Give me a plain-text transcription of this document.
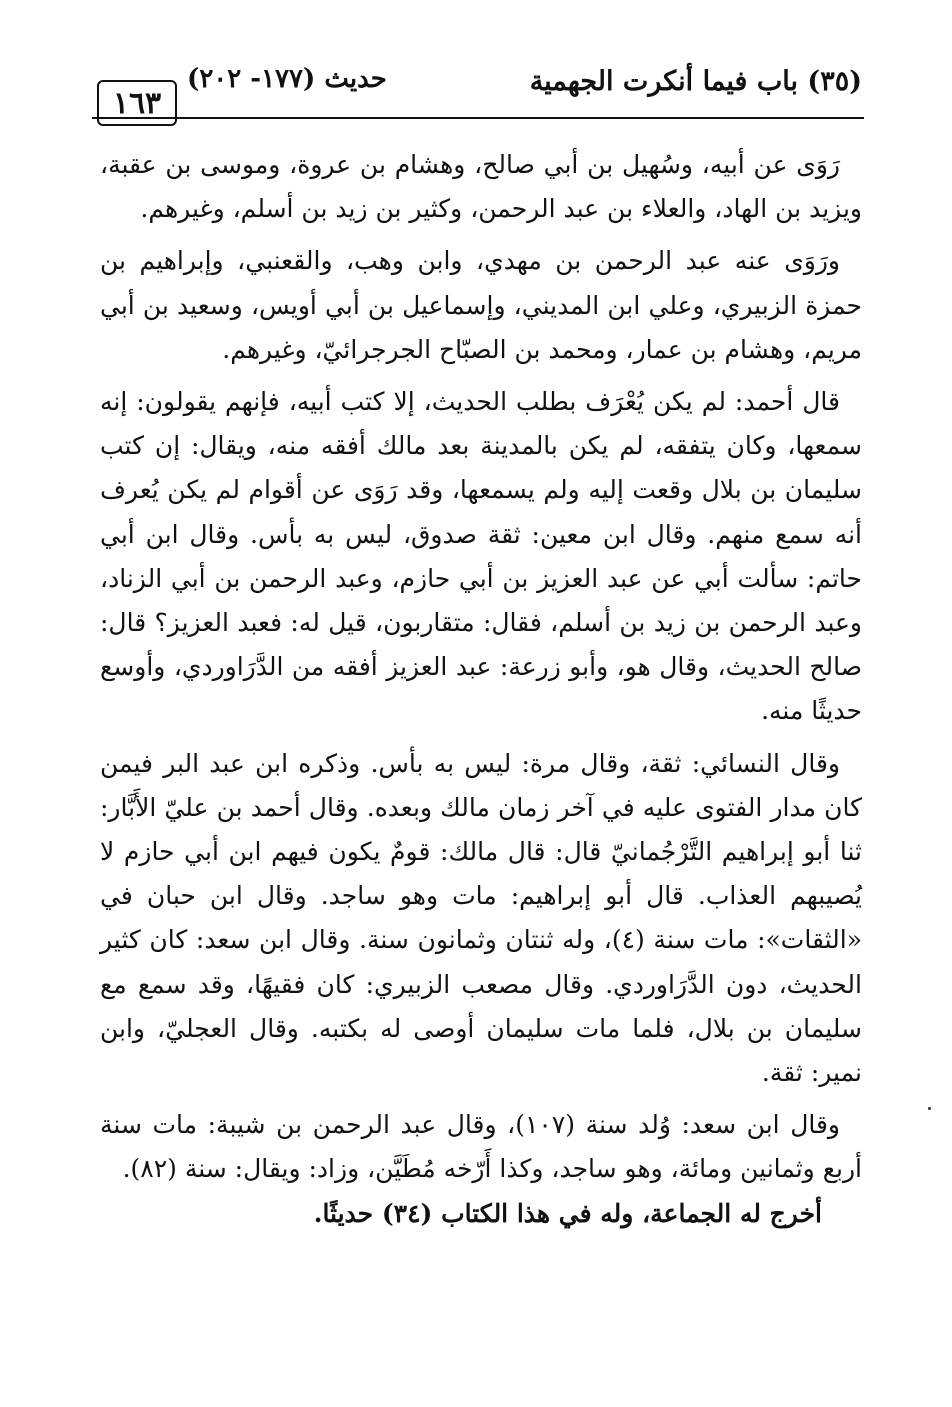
(٣٥) باب فيما أنكرت الجهمية
حديث (١٧٧- ٢٠٢)
١٦٣

رَوَى عن أبيه، وسُهيل بن أبي صالح، وهشام بن عروة، وموسى بن عقبة، ويزيد بن الهاد، والعلاء بن عبد الرحمن، وكثير بن زيد بن أسلم، وغيرهم.

ورَوَى عنه عبد الرحمن بن مهدي، وابن وهب، والقعنبي، وإبراهيم بن حمزة الزبيري، وعلي ابن المديني، وإسماعيل بن أبي أويس، وسعيد بن أبي مريم، وهشام بن عمار، ومحمد بن الصبّاح الجرجرائيّ، وغيرهم.

قال أحمد: لم يكن يُعْرَف بطلب الحديث، إلا كتب أبيه، فإنهم يقولون: إنه سمعها، وكان يتفقه، لم يكن بالمدينة بعد مالك أفقه منه، ويقال: إن كتب سليمان بن بلال وقعت إليه ولم يسمعها، وقد رَوَى عن أقوام لم يكن يُعرف أنه سمع منهم. وقال ابن معين: ثقة صدوق، ليس به بأس. وقال ابن أبي حاتم: سألت أبي عن عبد العزيز بن أبي حازم، وعبد الرحمن بن أبي الزناد، وعبد الرحمن بن زيد بن أسلم، فقال: متقاربون، قيل له: فعبد العزيز؟ قال: صالح الحديث، وقال هو، وأبو زرعة: عبد العزيز أفقه من الدَّرَاوردي، وأوسع حديثًا منه.

وقال النسائي: ثقة، وقال مرة: ليس به بأس. وذكره ابن عبد البر فيمن كان مدار الفتوى عليه في آخر زمان مالك وبعده. وقال أحمد بن عليّ الأَبَّار: ثنا أبو إبراهيم التَّرْجُمانيّ قال: قال مالك: قومٌ يكون فيهم ابن أبي حازم لا يُصيبهم العذاب. قال أبو إبراهيم: مات وهو ساجد. وقال ابن حبان في «الثقات»: مات سنة (٤)، وله ثنتان وثمانون سنة. وقال ابن سعد: كان كثير الحديث، دون الدَّرَاوردي. وقال مصعب الزبيري: كان فقيهًا، وقد سمع مع سليمان بن بلال، فلما مات سليمان أوصى له بكتبه. وقال العجليّ، وابن نمير: ثقة.

وقال ابن سعد: وُلد سنة (١٠٧)، وقال عبد الرحمن بن شيبة: مات سنة أربع وثمانين ومائة، وهو ساجد، وكذا أَرّخه مُطَيَّن، وزاد: ويقال: سنة (٨٢).

أخرج له الجماعة، وله في هذا الكتاب (٣٤) حديثًا.
